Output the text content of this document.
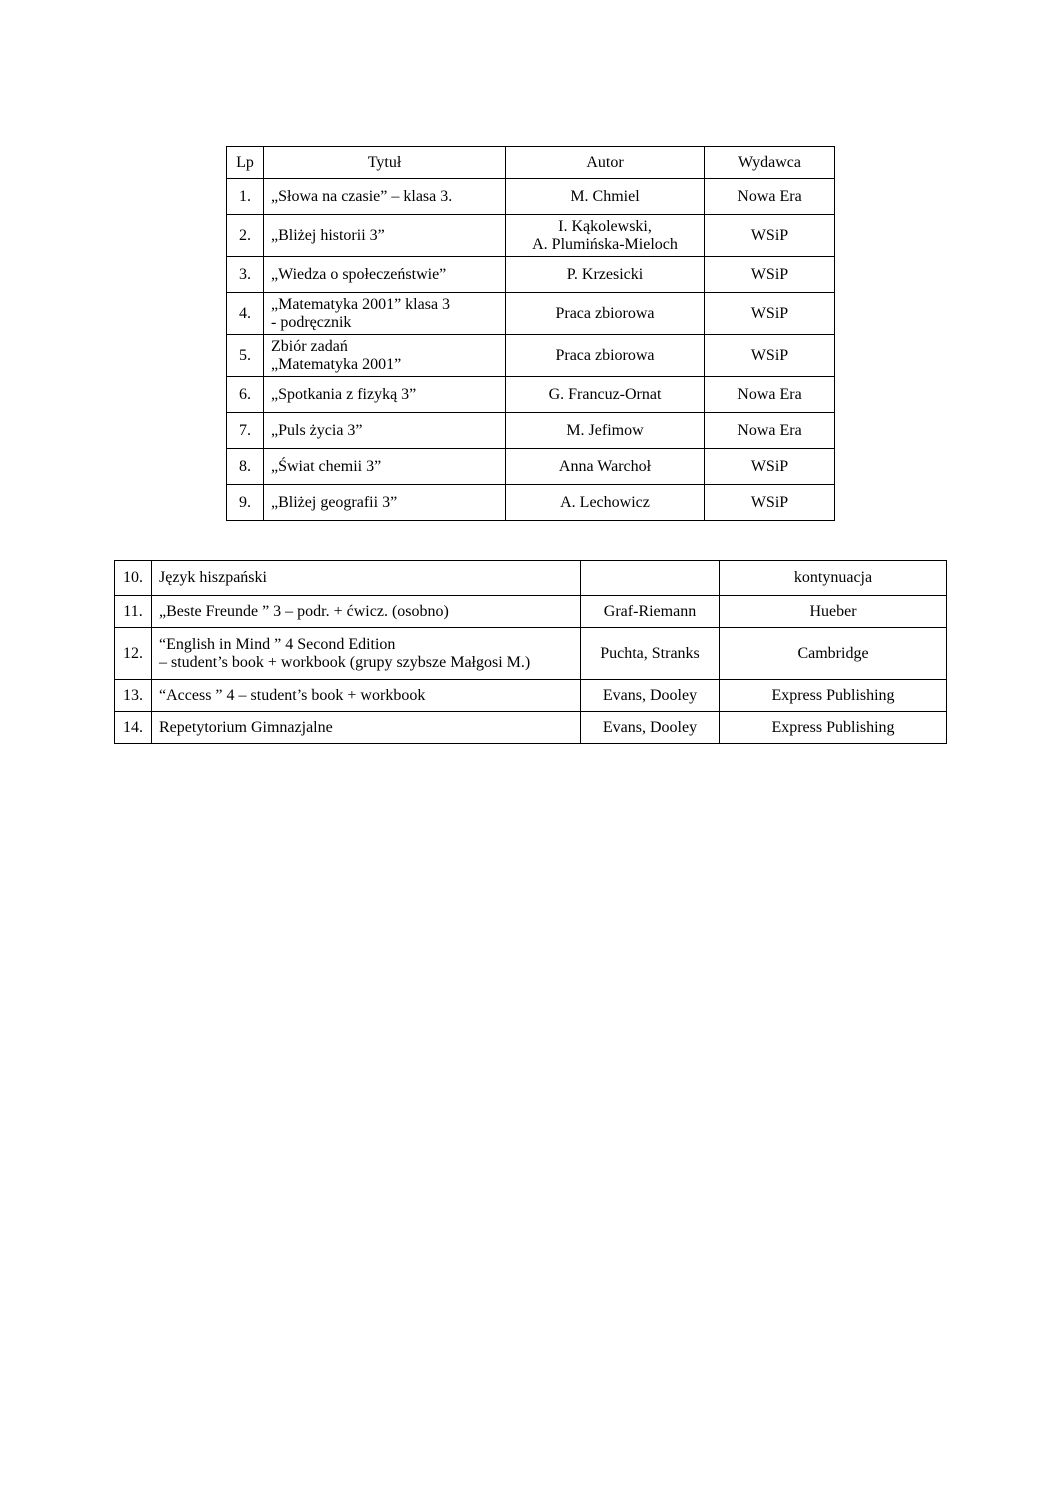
Lp	Tytuł	Autor	Wydawca
1.	„Słowa na czasie” – klasa 3.	M. Chmiel	Nowa Era
2.	„Bliżej historii 3”	I. Kąkolewski,
A. Plumińska-Mieloch	WSiP
3.	„Wiedza o społeczeństwie”	P. Krzesicki	WSiP
4.	„Matematyka 2001” klasa 3
- podręcznik	Praca zbiorowa	WSiP
5.	Zbiór zadań
„Matematyka 2001”	Praca zbiorowa	WSiP
6.	„Spotkania z fizyką 3”	G. Francuz-Ornat	Nowa Era
7.	„Puls życia 3”	M. Jefimow	Nowa Era
8.	„Świat chemii 3”	Anna Warchoł	WSiP
9.	„Bliżej geografii 3”	A. Lechowicz	WSiP
10.	Język hiszpański		kontynuacja
11.	„Beste Freunde ” 3 – podr. + ćwicz. (osobno)	Graf-Riemann	Hueber
12.	“English in Mind ” 4 Second Edition
– student’s book + workbook (grupy szybsze Małgosi M.)	Puchta, Stranks	Cambridge
13.	“Access ” 4 – student’s book + workbook	Evans, Dooley	Express Publishing
14.	Repetytorium Gimnazjalne	Evans, Dooley	Express Publishing
